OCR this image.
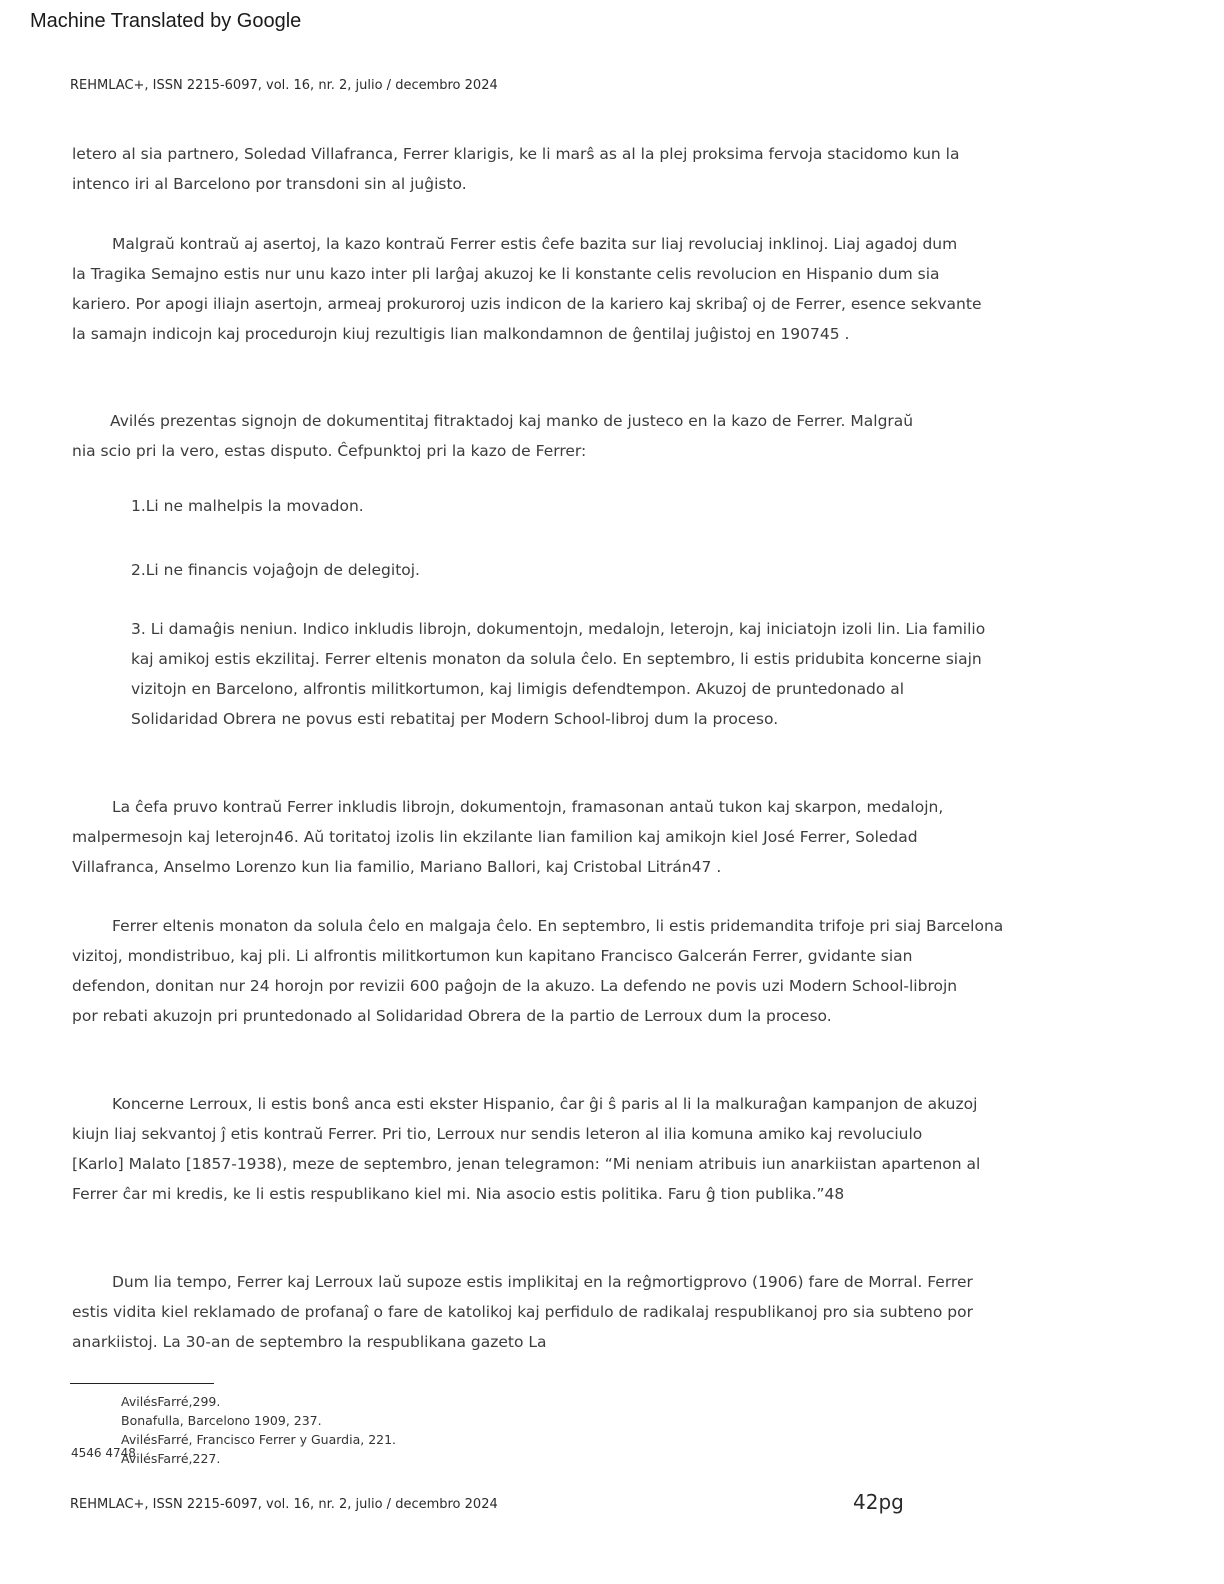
Machine Translated by Google
REHMLAC+, ISSN 2215-6097, vol. 16, nr. 2, julio / decembro 2024

letero al sia partnero, Soledad Villafranca, Ferrer klarigis, ke li marŝ as al la plej proksima fervoja stacidomo kun la
intenco iri al Barcelono por transdoni sin al juĝisto.

Malgraŭ kontraŭ aj asertoj, la kazo kontraŭ Ferrer estis ĉefe bazita sur liaj revoluciaj inklinoj. Liaj agadoj dum
la Tragika Semajno estis nur unu kazo inter pli larĝaj akuzoj ke li konstante celis revolucion en Hispanio dum sia
kariero. Por apogi iliajn asertojn, armeaj prokuroroj uzis indicon de la kariero kaj skribaĵ oj de Ferrer, esence sekvante
la samajn indicojn kaj procedurojn kiuj rezultigis lian malkondamnon de ĝentilaj juĝistoj en 190745 .

Avilés prezentas signojn de dokumentitaj fitraktadoj kaj manko de justeco en la kazo de Ferrer. Malgraŭ
nia scio pri la vero, estas disputo. Ĉefpunktoj pri la kazo de Ferrer:

1.Li ne malhelpis la movadon.

2.Li ne financis vojaĝojn de delegitoj.

3. Li damaĝis neniun. Indico inkludis librojn, dokumentojn, medalojn, leterojn, kaj iniciatojn izoli lin. Lia familio
kaj amikoj estis ekzilitaj. Ferrer eltenis monaton da solula ĉelo. En septembro, li estis pridubita koncerne siajn
vizitojn en Barcelono, alfrontis militkortumon, kaj limigis defendtempon. Akuzoj de pruntedonado al
Solidaridad Obrera ne povus esti rebatitaj per Modern School-libroj dum la proceso.

La ĉefa pruvo kontraŭ Ferrer inkludis librojn, dokumentojn, framasonan antaŭ tukon kaj skarpon, medalojn,
malpermesojn kaj leterojn46. Aŭ toritatoj izolis lin ekzilante lian familion kaj amikojn kiel José Ferrer, Soledad
Villafranca, Anselmo Lorenzo kun lia familio, Mariano Ballori, kaj Cristobal Litrán47 .

Ferrer eltenis monaton da solula ĉelo en malgaja ĉelo. En septembro, li estis pridemandita trifoje pri siaj Barcelona
vizitoj, mondistribuo, kaj pli. Li alfrontis militkortumon kun kapitano Francisco Galcerán Ferrer, gvidante sian
defendon, donitan nur 24 horojn por revizii 600 paĝojn de la akuzo. La defendo ne povis uzi Modern School-librojn
por rebati akuzojn pri pruntedonado al Solidaridad Obrera de la partio de Lerroux dum la proceso.

Koncerne Lerroux, li estis bonŝ anca esti ekster Hispanio, ĉar ĝi ŝ paris al li la malkuraĝan kampanjon de akuzoj
kiujn liaj sekvantoj ĵ etis kontraŭ Ferrer. Pri tio, Lerroux nur sendis leteron al ilia komuna amiko kaj revoluciulo
[Karlo] Malato [1857-1938), meze de septembro, jenan telegramon: “Mi neniam atribuis iun anarkiistan apartenon al
Ferrer ĉar mi kredis, ke li estis respublikano kiel mi. Nia asocio estis politika. Faru ĝ tion publika.”48

Dum lia tempo, Ferrer kaj Lerroux laŭ supoze estis implikitaj en la reĝmortigprovo (1906) fare de Morral. Ferrer
estis vidita kiel reklamado de profanaĵ o fare de katolikoj kaj perfidulo de radikalaj respublikanoj pro sia subteno por
anarkiistoj. La 30-an de septembro la respublikana gazeto La

AvilésFarré,299.
Bonafulla, Barcelono 1909, 237.
AvilésFarré, Francisco Ferrer y Guardia, 221.
AvilésFarré,227.
4546 4748
REHMLAC+, ISSN 2215-6097, vol. 16, nr. 2, julio / decembro 2024	42pg
